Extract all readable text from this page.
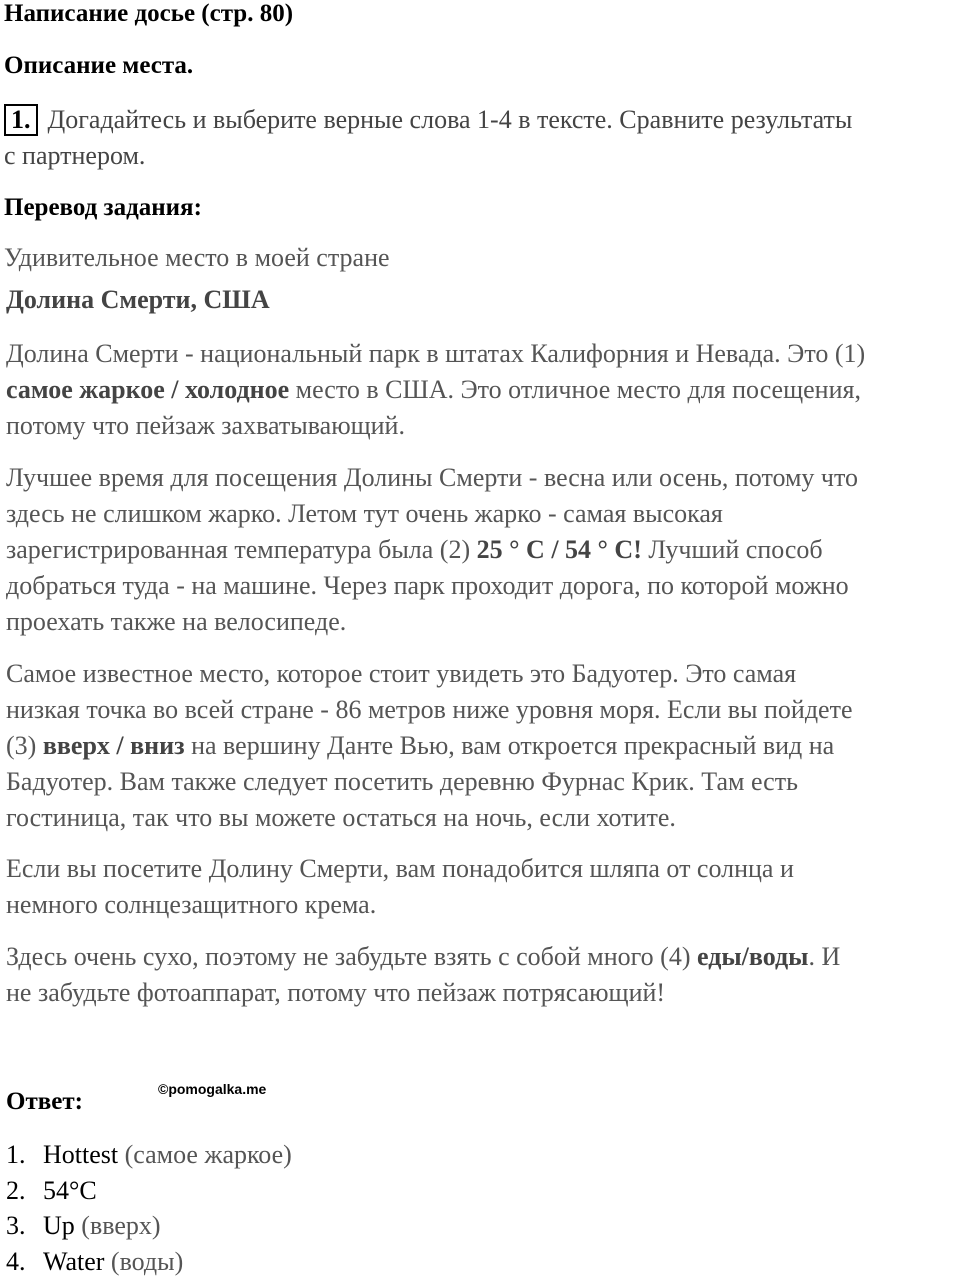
Написание досье (стр. 80)
Описание места.
1. Догадайтесь и выберите верные слова 1-4 в тексте. Сравните результаты
с партнером.
Перевод задания:
Удивительное место в моей стране
Долина Смерти, США
Долина Смерти - национальный парк в штатах Калифорния и Невада. Это (1)
самое жаркое / холодное место в США. Это отличное место для посещения,
потому что пейзаж захватывающий.
Лучшее время для посещения Долины Смерти - весна или осень, потому что
здесь не слишком жарко. Летом тут очень жарко - самая высокая
зарегистрированная температура была (2) 25 ° С / 54 ° С! Лучший способ
добраться туда - на машине. Через парк проходит дорога, по которой можно
проехать также на велосипеде.
Самое известное место, которое стоит увидеть это Бадуотер. Это самая
низкая точка во всей стране - 86 метров ниже уровня моря. Если вы пойдете
(3) вверх / вниз на вершину Данте Вью, вам откроется прекрасный вид на
Бадуотер. Вам также следует посетить деревню Фурнас Крик. Там есть
гостиница, так что вы можете остаться на ночь, если хотите.
Если вы посетите Долину Смерти, вам понадобится шляпа от солнца и
немного солнцезащитного крема.
Здесь очень сухо, поэтому не забудьте взять с собой много (4) еды/воды. И
не забудьте фотоаппарат, потому что пейзаж потрясающий!
©pomogalka.me
Ответ:
1. Hottest (самое жаркое)
2. 54°C
3. Up (вверх)
4. Water (воды)
